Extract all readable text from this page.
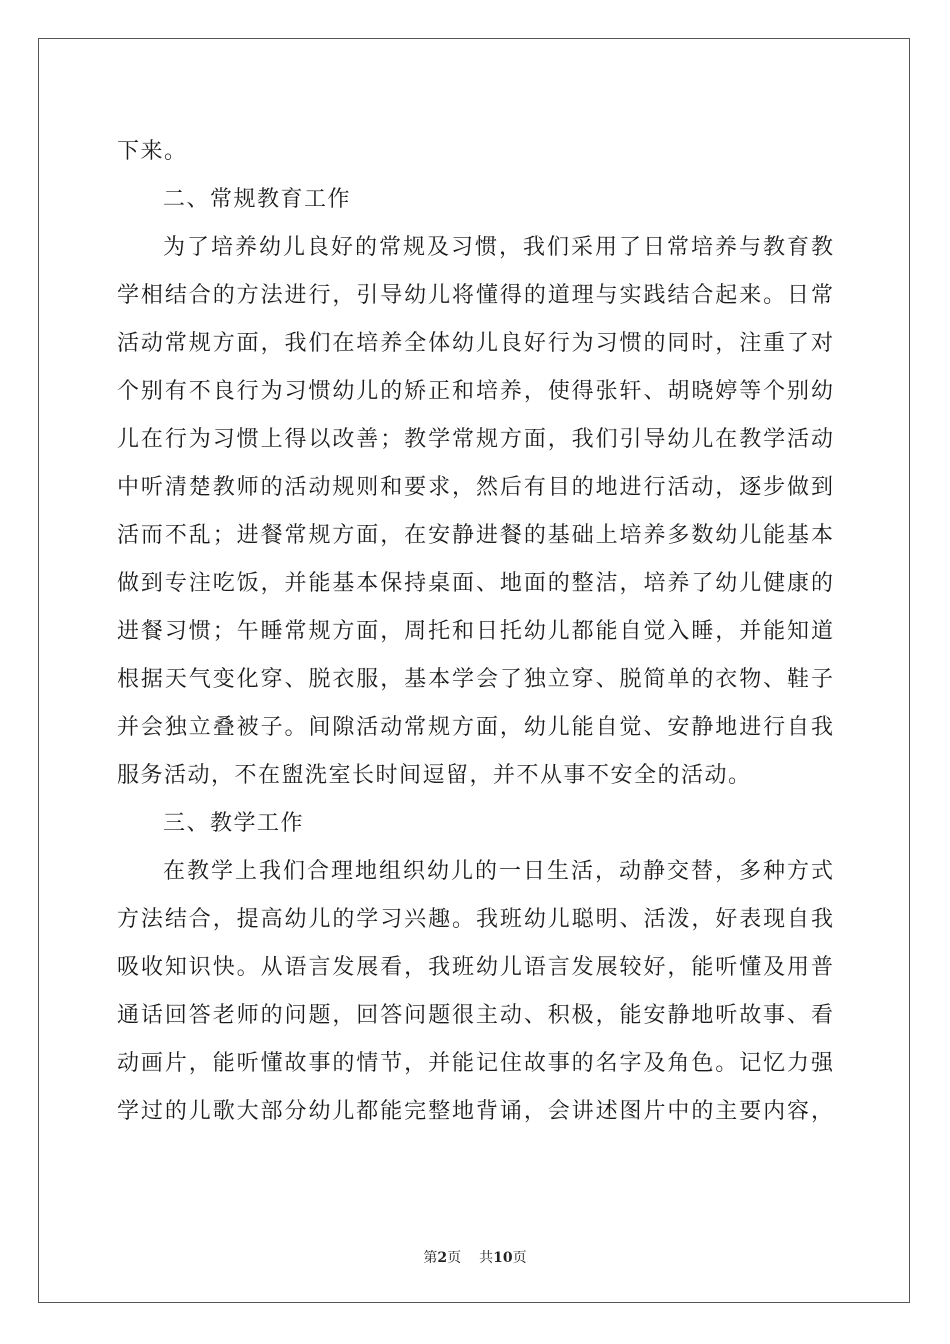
下来。
二、常规教育工作
为了培养幼儿良好的常规及习惯，我们采用了日常培养与教育教
学相结合的方法进行，引导幼儿将懂得的道理与实践结合起来。日常
活动常规方面，我们在培养全体幼儿良好行为习惯的同时，注重了对
个别有不良行为习惯幼儿的矫正和培养，使得张轩、胡晓婷等个别幼
儿在行为习惯上得以改善；教学常规方面，我们引导幼儿在教学活动
中听清楚教师的活动规则和要求，然后有目的地进行活动，逐步做到
活而不乱；进餐常规方面，在安静进餐的基础上培养多数幼儿能基本
做到专注吃饭，并能基本保持桌面、地面的整洁，培养了幼儿健康的
进餐习惯；午睡常规方面，周托和日托幼儿都能自觉入睡，并能知道
根据天气变化穿、脱衣服，基本学会了独立穿、脱简单的衣物、鞋子
并会独立叠被子。间隙活动常规方面，幼儿能自觉、安静地进行自我
服务活动，不在盥洗室长时间逗留，并不从事不安全的活动。
三、教学工作
在教学上我们合理地组织幼儿的一日生活，动静交替，多种方式
方法结合，提高幼儿的学习兴趣。我班幼儿聪明、活泼，好表现自我
吸收知识快。从语言发展看，我班幼儿语言发展较好，能听懂及用普
通话回答老师的问题，回答问题很主动、积极，能安静地听故事、看
动画片，能听懂故事的情节，并能记住故事的名字及角色。记忆力强
学过的儿歌大部分幼儿都能完整地背诵，会讲述图片中的主要内容，
第2页 共10页
